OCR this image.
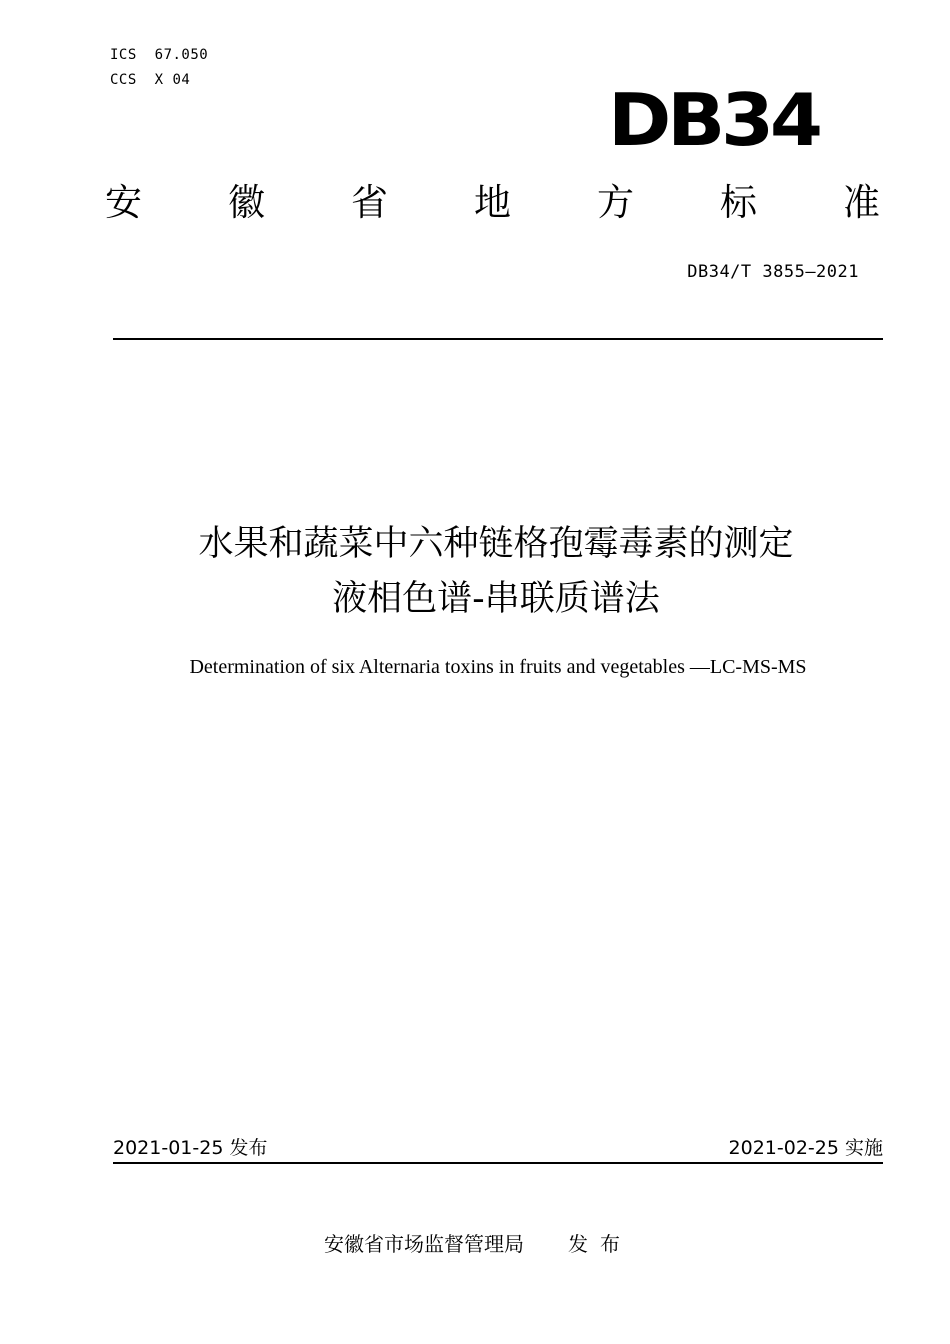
ICS  67.050
CCS  X 04	DB34
安 徽 省 地 方 标 准
DB34/T 3855—2021
水果和蔬菜中六种链格孢霉毒素的测定
液相色谱-串联质谱法
Determination of six Alternaria toxins in fruits and vegetables —LC-MS-MS
2021-01-25 发布	2021-02-25 实施
安徽省市场监督管理局 发布
